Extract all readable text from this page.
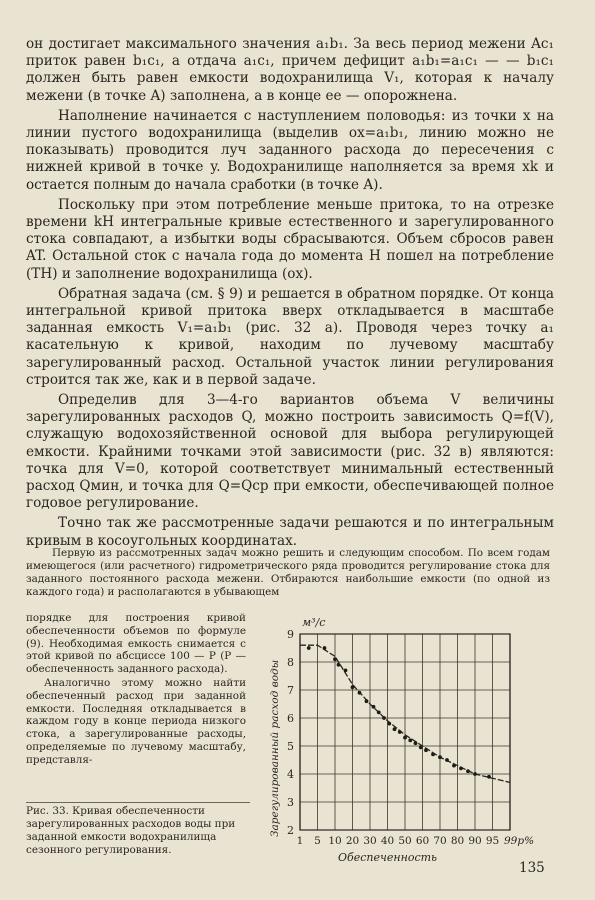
он достигает максимального значения a₁b₁. За весь период межени Ac₁ приток равен b₁c₁, а отдача a₁c₁, причем дефицит a₁b₁=a₁c₁ — — b₁c₁ должен быть равен емкости водохранилища V₁, которая к началу межени (в точке A) заполнена, а в конце ее — опорожнена.

Наполнение начинается с наступлением половодья: из точки x на линии пустого водохранилища (выделив ox=a₁b₁, линию можно не показывать) проводится луч заданного расхода до пересечения с нижней кривой в точке y. Водохранилище наполняется за время xk и остается полным до начала сработки (в точке A).

Поскольку при этом потребление меньше притока, то на отрезке времени kH интегральные кривые естественного и зарегулированного стока совпадают, а избытки воды сбрасываются. Объем сбросов равен AT. Остальной сток с начала года до момента H пошел на потребление (TH) и заполнение водохранилища (ox).

Обратная задача (см. § 9) и решается в обратном порядке. От конца интегральной кривой притока вверх откладывается в масштабе заданная емкость V₁=a₁b₁ (рис. 32 a). Проводя через точку a₁ касательную к кривой, находим по лучевому масштабу зарегулированный расход. Остальной участок линии регулирования строится так же, как и в первой задаче.

Определив для 3—4-го вариантов объема V величины зарегулированных расходов Q, можно построить зависимость Q=f(V), служащую водохозяйственной основой для выбора регулирующей емкости. Крайними точками этой зависимости (рис. 32 в) являются: точка для V=0, которой соответствует минимальный естественный расход Qмин, и точка для Q=Qср при емкости, обеспечивающей полное годовое регулирование.

Точно так же рассмотренные задачи решаются и по интегральным кривым в косоугольных координатах.

Первую из рассмотренных задач можно решить и следующим способом. По всем годам имеющегося (или расчетного) гидрометрического ряда проводится регулирование стока для заданного постоянного расхода межени. Отбираются наибольшие емкости (по одной из каждого года) и располагаются в убывающем

порядке для построения кривой обеспеченности объемов по формуле (9). Необходимая емкость снимается с этой кривой по абсциссе 100 — P (P — обеспеченность заданного расхода).

Аналогично этому можно найти обеспеченный расход при заданной емкости. Последняя откладывается в каждом году в конце периода низкого стока, а зарегулированные расходы, определяемые по лучевому масштабу, представля-

Рис. 33. Кривая обеспеченности зарегулированных расходов воды при заданной емкости водохранилища сезонного регулирования.
2
3
4
5
6
7
8
9
1 5 10 20 30 40 50 60 70 80 90 95 99p%
м³/с
Зарегулированный расход воды
Обеспеченность
135
